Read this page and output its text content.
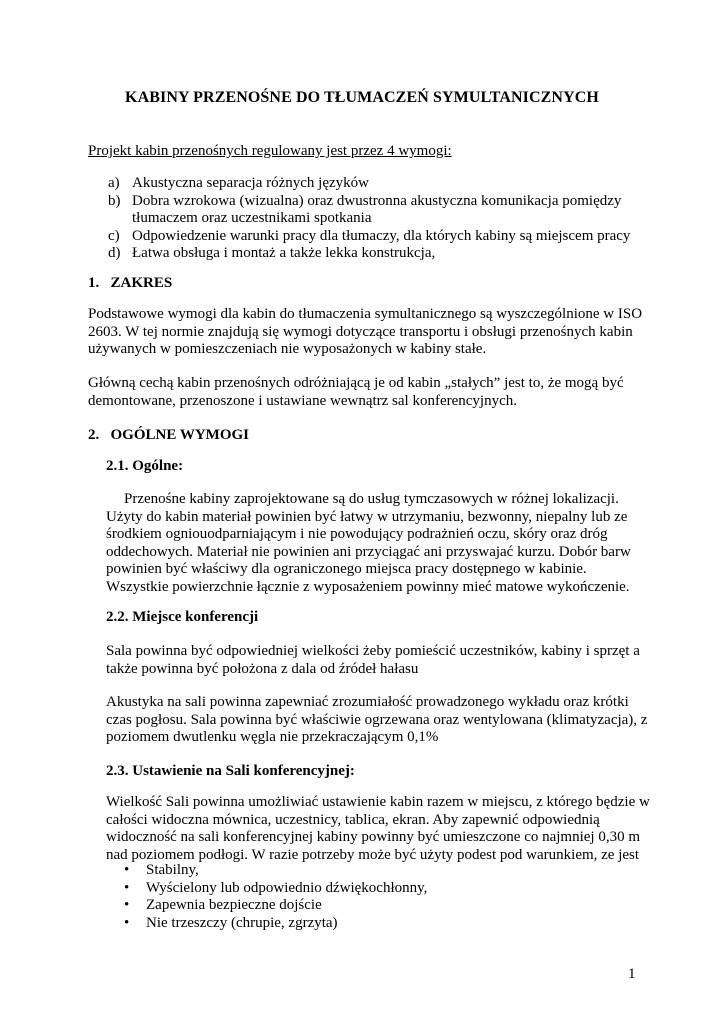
KABINY PRZENOŚNE DO TŁUMACZEŃ SYMULTANICZNYCH
Projekt kabin przenośnych regulowany jest przez 4 wymogi:
a) Akustyczna separacja różnych języków
b) Dobra wzrokowa (wizualna) oraz dwustronna akustyczna komunikacja pomiędzy tłumaczem oraz uczestnikami spotkania
c) Odpowiedzenie warunki pracy dla tłumaczy, dla których kabiny są miejscem pracy
d) Łatwa obsługa i montaż a także lekka konstrukcja,
1.   ZAKRES
Podstawowe wymogi dla kabin do tłumaczenia symultanicznego są wyszczególnione w ISO 2603. W tej normie znajdują się wymogi dotyczące transportu i obsługi przenośnych kabin używanych w pomieszczeniach nie wyposażonych w kabiny stałe.
Główną cechą kabin przenośnych odróżniającą je od kabin „stałych” jest to, że mogą być demontowane, przenoszone i ustawiane wewnątrz sal konferencyjnych.
2.   OGÓLNE WYMOGI
2.1. Ogólne:
Przenośne kabiny zaprojektowane są do usług tymczasowych w różnej lokalizacji. Użyty do kabin materiał powinien być łatwy w utrzymaniu, bezwonny, niepalny lub ze środkiem ogniouodparniającym i nie powodujący podrażnień oczu, skóry oraz dróg oddechowych. Materiał nie powinien ani przyciągać ani przyswajać kurzu. Dobór barw powinien być właściwy dla ograniczonego miejsca pracy dostępnego w kabinie. Wszystkie powierzchnie łącznie z wyposażeniem powinny mieć matowe wykończenie.
2.2. Miejsce konferencji
Sala powinna być odpowiedniej wielkości żeby pomieścić uczestników, kabiny i sprzęt a także powinna być położona z dala od źródeł hałasu
Akustyka na sali powinna zapewniać zrozumiałość prowadzonego wykładu oraz krótki czas pogłosu. Sala powinna być właściwie ogrzewana oraz wentylowana (klimatyzacja), z poziomem dwutlenku węgla nie przekraczającym 0,1%
2.3. Ustawienie na Sali konferencyjnej:
Wielkość Sali powinna umożliwiać ustawienie kabin razem w miejscu, z którego będzie w całości widoczna mównica, uczestnicy, tablica, ekran. Aby zapewnić odpowiednią widoczność na sali konferencyjnej kabiny powinny być umieszczone co najmniej 0,30 m nad poziomem podłogi. W razie potrzeby może być użyty podest pod warunkiem, ze jest
• Stabilny,
• Wyścielony lub odpowiednio dźwiękochłonny,
• Zapewnia bezpieczne dojście
• Nie trzeszczy (chrupie, zgrzyta)
1
